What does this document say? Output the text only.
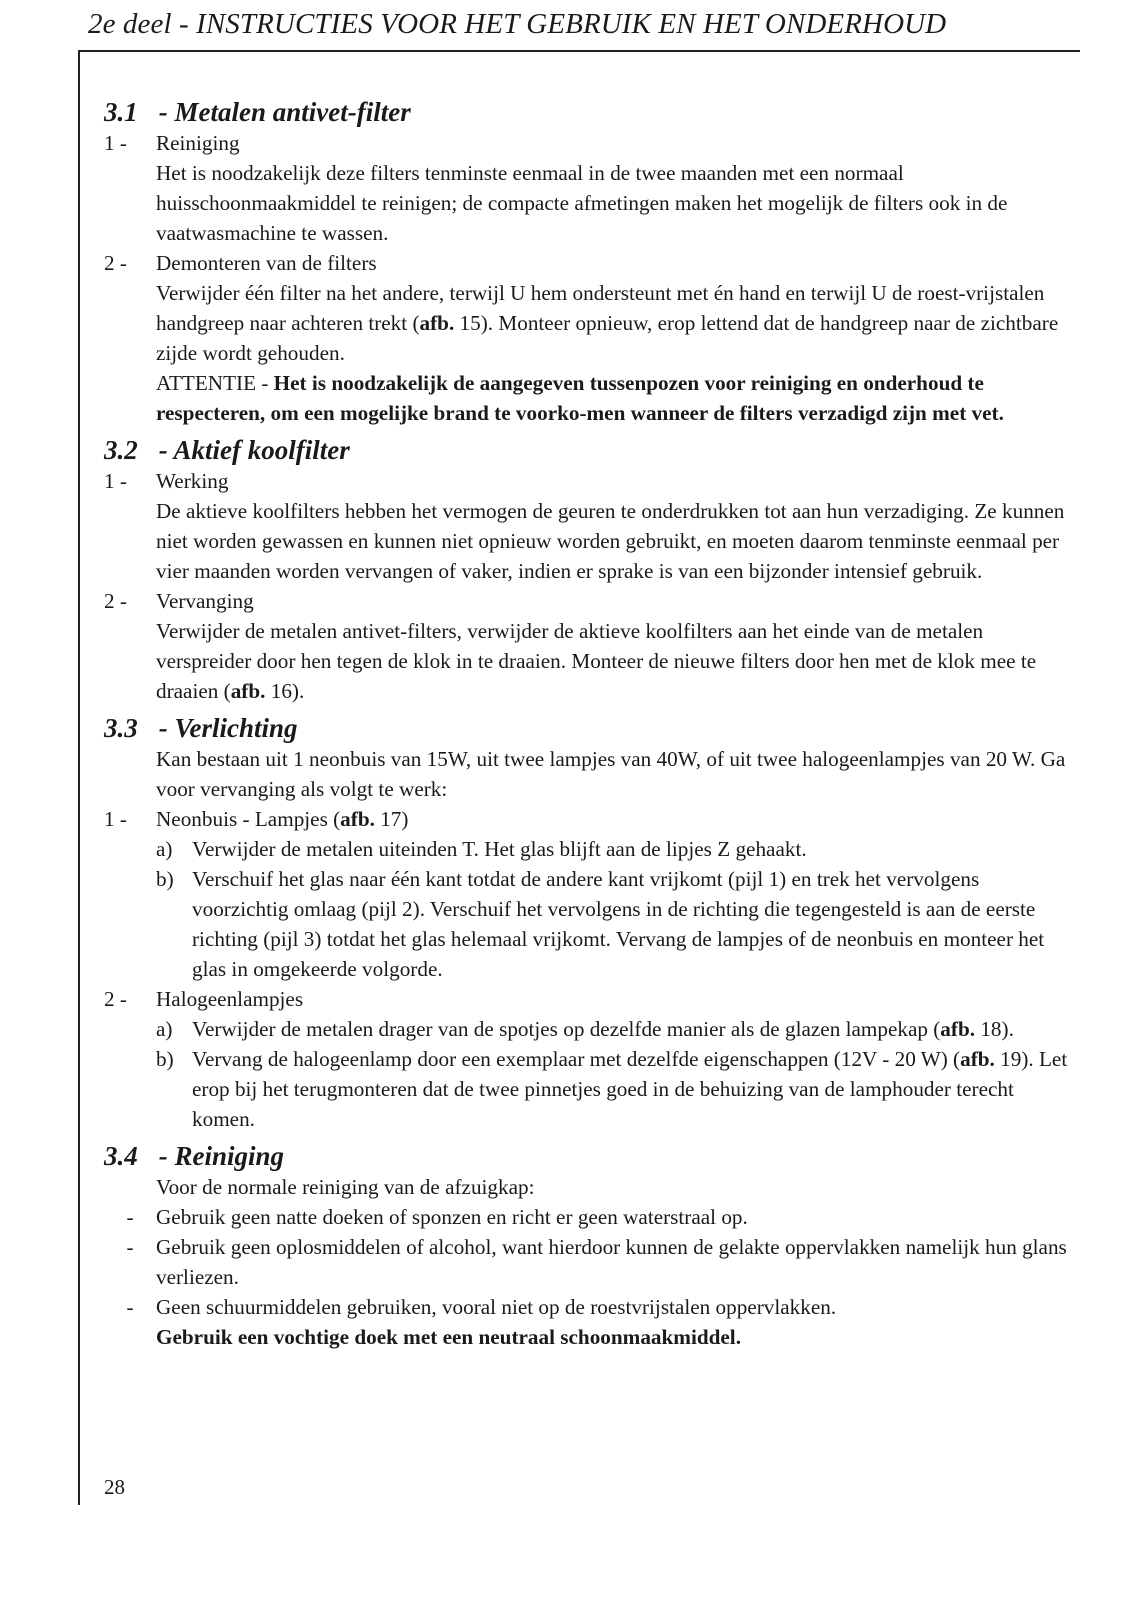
2e deel - INSTRUCTIES VOOR HET GEBRUIK EN HET ONDERHOUD
3.1 - Metalen antivet-filter
1 -	Reiniging
Het is noodzakelijk deze filters tenminste eenmaal in de twee maanden met een normaal huisschoonmaakmiddel te reinigen; de compacte afmetingen maken het mogelijk de filters ook in de vaatwasmachine te wassen.
2 -	Demonteren van de filters
Verwijder één filter na het andere, terwijl U hem ondersteunt met én hand en terwijl U de roest-vrijstalen handgreep naar achteren trekt (afb. 15). Monteer opnieuw, erop lettend dat de handgreep naar de zichtbare zijde wordt gehouden.
ATTENTIE - Het is noodzakelijk de aangegeven tussenpozen voor reiniging en onderhoud te respecteren, om een mogelijke brand te voorko-men wanneer de filters verzadigd zijn met vet.
3.2 - Aktief koolfilter
1 -	Werking
De aktieve koolfilters hebben het vermogen de geuren te onderdrukken tot aan hun verzadiging. Ze kunnen niet worden gewassen en kunnen niet opnieuw worden gebruikt, en moeten daarom tenminste eenmaal per vier maanden worden vervangen of vaker, indien er sprake is van een bijzonder intensief gebruik.
2 -	Vervanging
Verwijder de metalen antivet-filters, verwijder de aktieve koolfilters aan het einde van de metalen verspreider door hen tegen de klok in te draaien. Monteer de nieuwe filters door hen met de klok mee te draaien (afb. 16).
3.3 - Verlichting
Kan bestaan uit 1 neonbuis van 15W, uit twee lampjes van 40W, of uit twee halogeenlampjes van 20 W. Ga voor vervanging als volgt te werk:
1 -	Neonbuis - Lampjes (afb. 17)
a) Verwijder de metalen uiteinden T. Het glas blijft aan de lipjes Z gehaakt.
b) Verschuif het glas naar één kant totdat de andere kant vrijkomt (pijl 1) en trek het vervolgens voorzichtig omlaag (pijl 2). Verschuif het vervolgens in de richting die tegengesteld is aan de eerste richting (pijl 3) totdat het glas helemaal vrijkomt. Vervang de lampjes of de neonbuis en monteer het glas in omgekeerde volgorde.
2 -	Halogeenlampjes
a) Verwijder de metalen drager van de spotjes op dezelfde manier als de glazen lampekap (afb. 18).
b) Vervang de halogeenlamp door een exemplaar met dezelfde eigenschappen (12V - 20 W) (afb. 19). Let erop bij het terugmonteren dat de twee pinnetjes goed in de behuizing van de lamphouder terecht komen.
3.4 - Reiniging
Voor de normale reiniging van de afzuigkap:
-	Gebruik geen natte doeken of sponzen en richt er geen waterstraal op.
-	Gebruik geen oplosmiddelen of alcohol, want hierdoor kunnen de gelakte oppervlakken namelijk hun glans verliezen.
-	Geen schuurmiddelen gebruiken, vooral niet op de roestvrijstalen oppervlakken.
Gebruik een vochtige doek met een neutraal schoonmaakmiddel.
28
